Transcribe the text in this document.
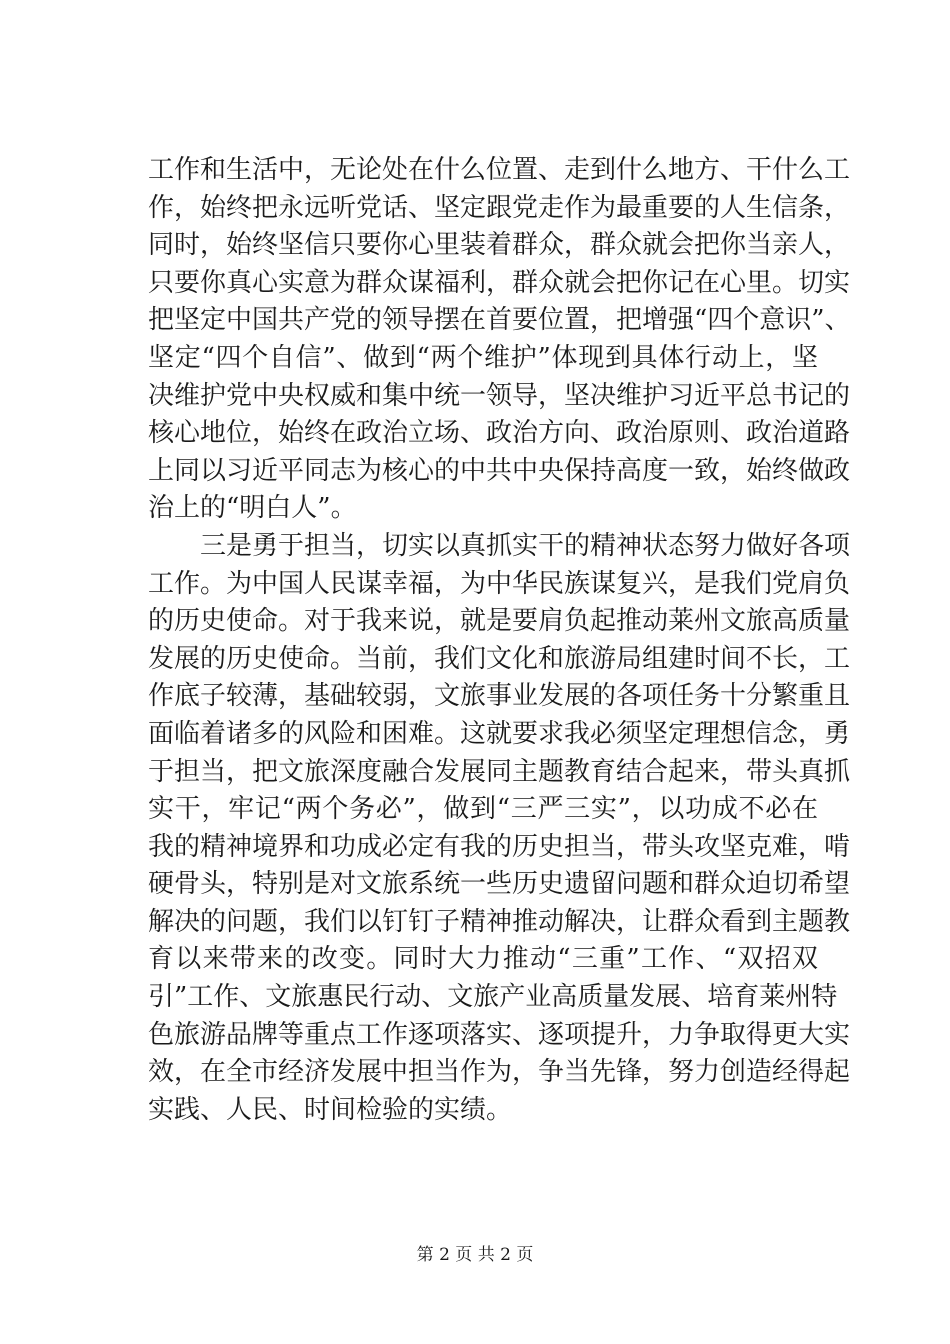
工作和生活中，无论处在什么位置、走到什么地方、干什么工
作，始终把永远听党话、坚定跟党走作为最重要的人生信条，
同时，始终坚信只要你心里装着群众，群众就会把你当亲人，
只要你真心实意为群众谋福利，群众就会把你记在心里。切实
把坚定中国共产党的领导摆在首要位置，把增强“四个意识”、
坚定“四个自信”、做到“两个维护”体现到具体行动上，坚
决维护党中央权威和集中统一领导，坚决维护习近平总书记的
核心地位，始终在政治立场、政治方向、政治原则、政治道路
上同以习近平同志为核心的中共中央保持高度一致，始终做政
治上的“明白人”。
三是勇于担当，切实以真抓实干的精神状态努力做好各项
工作。为中国人民谋幸福，为中华民族谋复兴，是我们党肩负
的历史使命。对于我来说，就是要肩负起推动莱州文旅高质量
发展的历史使命。当前，我们文化和旅游局组建时间不长，工
作底子较薄，基础较弱，文旅事业发展的各项任务十分繁重且
面临着诸多的风险和困难。这就要求我必须坚定理想信念，勇
于担当，把文旅深度融合发展同主题教育结合起来，带头真抓
实干，牢记“两个务必”，做到“三严三实”，以功成不必在
我的精神境界和功成必定有我的历史担当，带头攻坚克难，啃
硬骨头，特别是对文旅系统一些历史遗留问题和群众迫切希望
解决的问题，我们以钉钉子精神推动解决，让群众看到主题教
育以来带来的改变。同时大力推动“三重”工作、“双招双
引”工作、文旅惠民行动、文旅产业高质量发展、培育莱州特
色旅游品牌等重点工作逐项落实、逐项提升，力争取得更大实
效，在全市经济发展中担当作为，争当先锋，努力创造经得起
实践、人民、时间检验的实绩。
第 2 页 共 2 页
